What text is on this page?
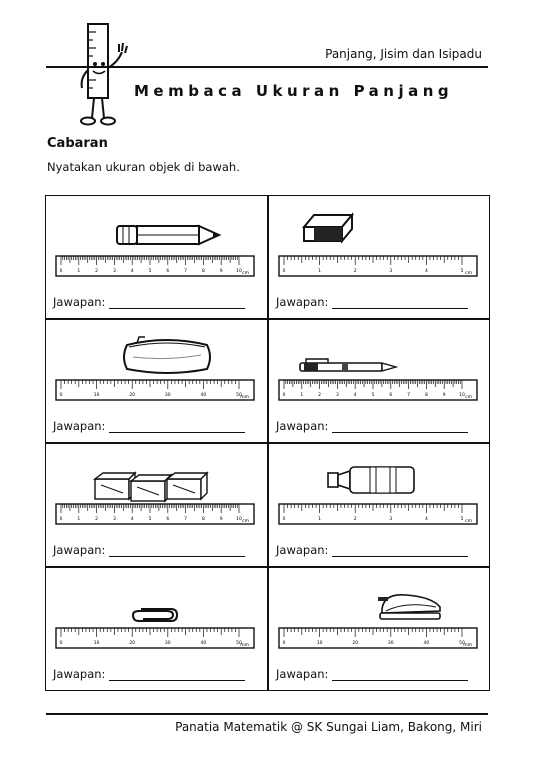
Panjang, Jisim dan Isipadu
Membaca Ukuran Panjang
Cabaran
Nyatakan ukuran objek di bawah.
0	1	2	3	4	5	6	7	8	9	10 cm
Jawapan:
0	1	2	3	4	5 cm
Jawapan:
0	10	20	30	40	50
mm
Jawapan:
0	1	2	3	4	5	6	7	8	9	10 cm
Jawapan:
0	1	2	3	4	5	6	7	8	9	10 cm
Jawapan:
0	1	2	3	4	5 cm
Jawapan:
0	10	20	30	40	50
mm
Jawapan:
0	10	20	30	40	50
mm
Jawapan:
Panatia Matematik @ SK Sungai Liam, Bakong, Miri
